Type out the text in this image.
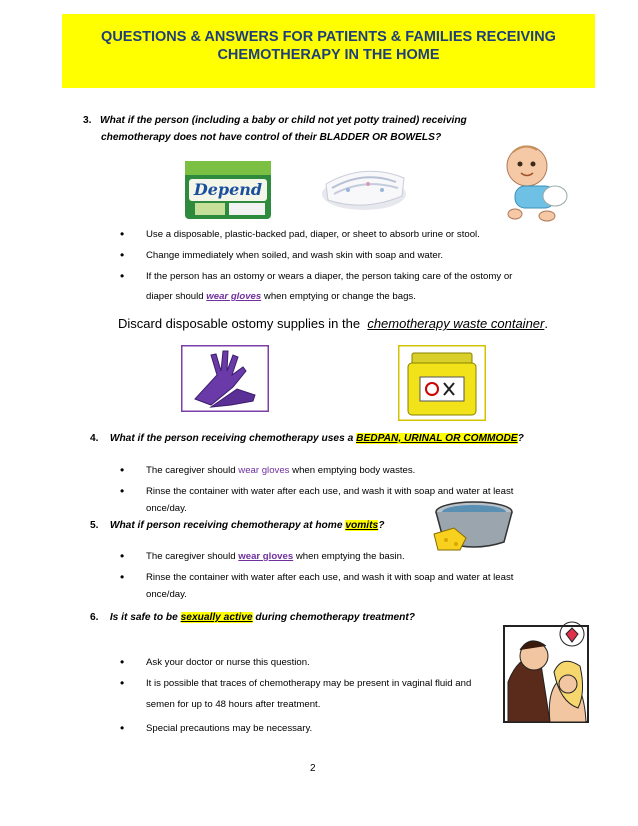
QUESTIONS & ANSWERS FOR PATIENTS & FAMILIES RECEIVING
CHEMOTHERAPY IN THE HOME
3. What if the person (including a baby or child not yet potty trained) receiving
chemotherapy does not have control of their BLADDER OR BOWELS?
Depend
• Use a disposable, plastic-backed pad, diaper, or sheet to absorb urine or stool.
• Change immediately when soiled, and wash skin with soap and water.
• If the person has an ostomy or wears a diaper, the person taking care of the ostomy or
diaper should wear gloves when emptying or change the bags.
Discard disposable ostomy supplies in the chemotherapy waste container.
4. What if the person receiving chemotherapy uses a BEDPAN, URINAL OR COMMODE?
• The caregiver should wear gloves when emptying body wastes.
• Rinse the container with water after each use, and wash it with soap and water at least once/day.
5. What if person receiving chemotherapy at home vomits?
• The caregiver should wear gloves when emptying the basin.
• Rinse the container with water after each use, and wash it with soap and water at least once/day.
6. Is it safe to be sexually active during chemotherapy treatment?
• Ask your doctor or nurse this question.
• It is possible that traces of chemotherapy may be present in vaginal fluid and
semen for up to 48 hours after treatment.
• Special precautions may be necessary.
2
